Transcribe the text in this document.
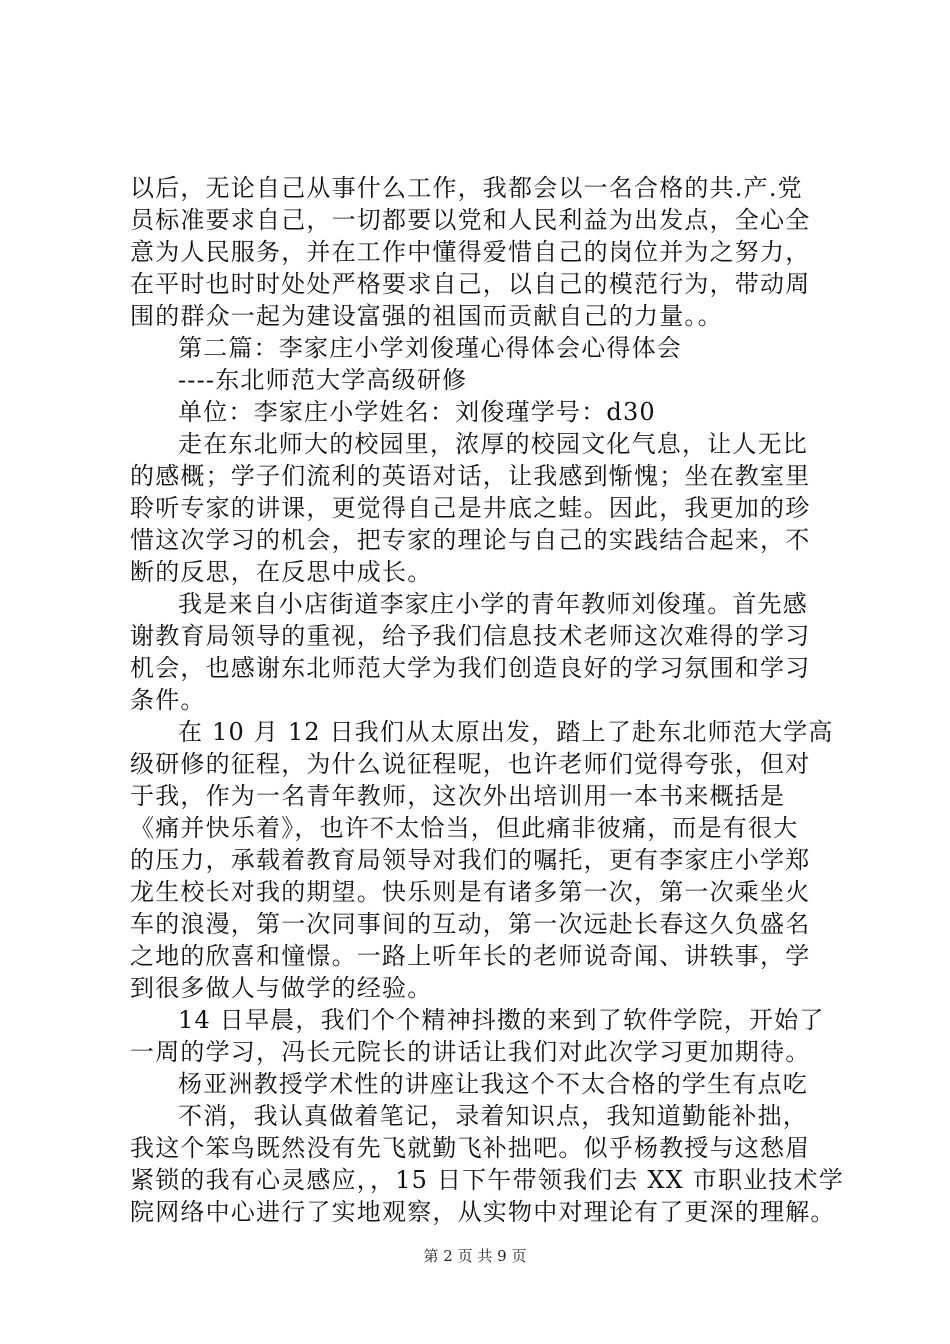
以后，无论自己从事什么工作，我都会以一名合格的共.产.党
员标准要求自己，一切都要以党和人民利益为出发点，全心全
意为人民服务，并在工作中懂得爱惜自己的岗位并为之努力，
在平时也时时处处严格要求自己，以自己的模范行为，带动周
围的群众一起为建设富强的祖国而贡献自己的力量。。
第二篇：李家庄小学刘俊瑾心得体会心得体会
----东北师范大学高级研修
单位：李家庄小学姓名：刘俊瑾学号：d30
走在东北师大的校园里，浓厚的校园文化气息，让人无比
的感概；学子们流利的英语对话，让我感到惭愧；坐在教室里
聆听专家的讲课，更觉得自己是井底之蛙。因此，我更加的珍
惜这次学习的机会，把专家的理论与自己的实践结合起来，不
断的反思，在反思中成长。
我是来自小店街道李家庄小学的青年教师刘俊瑾。首先感
谢教育局领导的重视，给予我们信息技术老师这次难得的学习
机会，也感谢东北师范大学为我们创造良好的学习氛围和学习
条件。
在 10 月 12 日我们从太原出发，踏上了赴东北师范大学高
级研修的征程，为什么说征程呢，也许老师们觉得夸张，但对
于我，作为一名青年教师，这次外出培训用一本书来概括是
《痛并快乐着》，也许不太恰当，但此痛非彼痛，而是有很大
的压力，承载着教育局领导对我们的嘱托，更有李家庄小学郑
龙生校长对我的期望。快乐则是有诸多第一次，第一次乘坐火
车的浪漫，第一次同事间的互动，第一次远赴长春这久负盛名
之地的欣喜和憧憬。一路上听年长的老师说奇闻、讲轶事，学
到很多做人与做学的经验。
14 日早晨，我们个个精神抖擞的来到了软件学院，开始了
一周的学习，冯长元院长的讲话让我们对此次学习更加期待。
杨亚洲教授学术性的讲座让我这个不太合格的学生有点吃
不消，我认真做着笔记，录着知识点，我知道勤能补拙，
我这个笨鸟既然没有先飞就勤飞补拙吧。似乎杨教授与这愁眉
紧锁的我有心灵感应，，15 日下午带领我们去 XX 市职业技术学
院网络中心进行了实地观察，从实物中对理论有了更深的理解。
第 2 页 共 9 页
